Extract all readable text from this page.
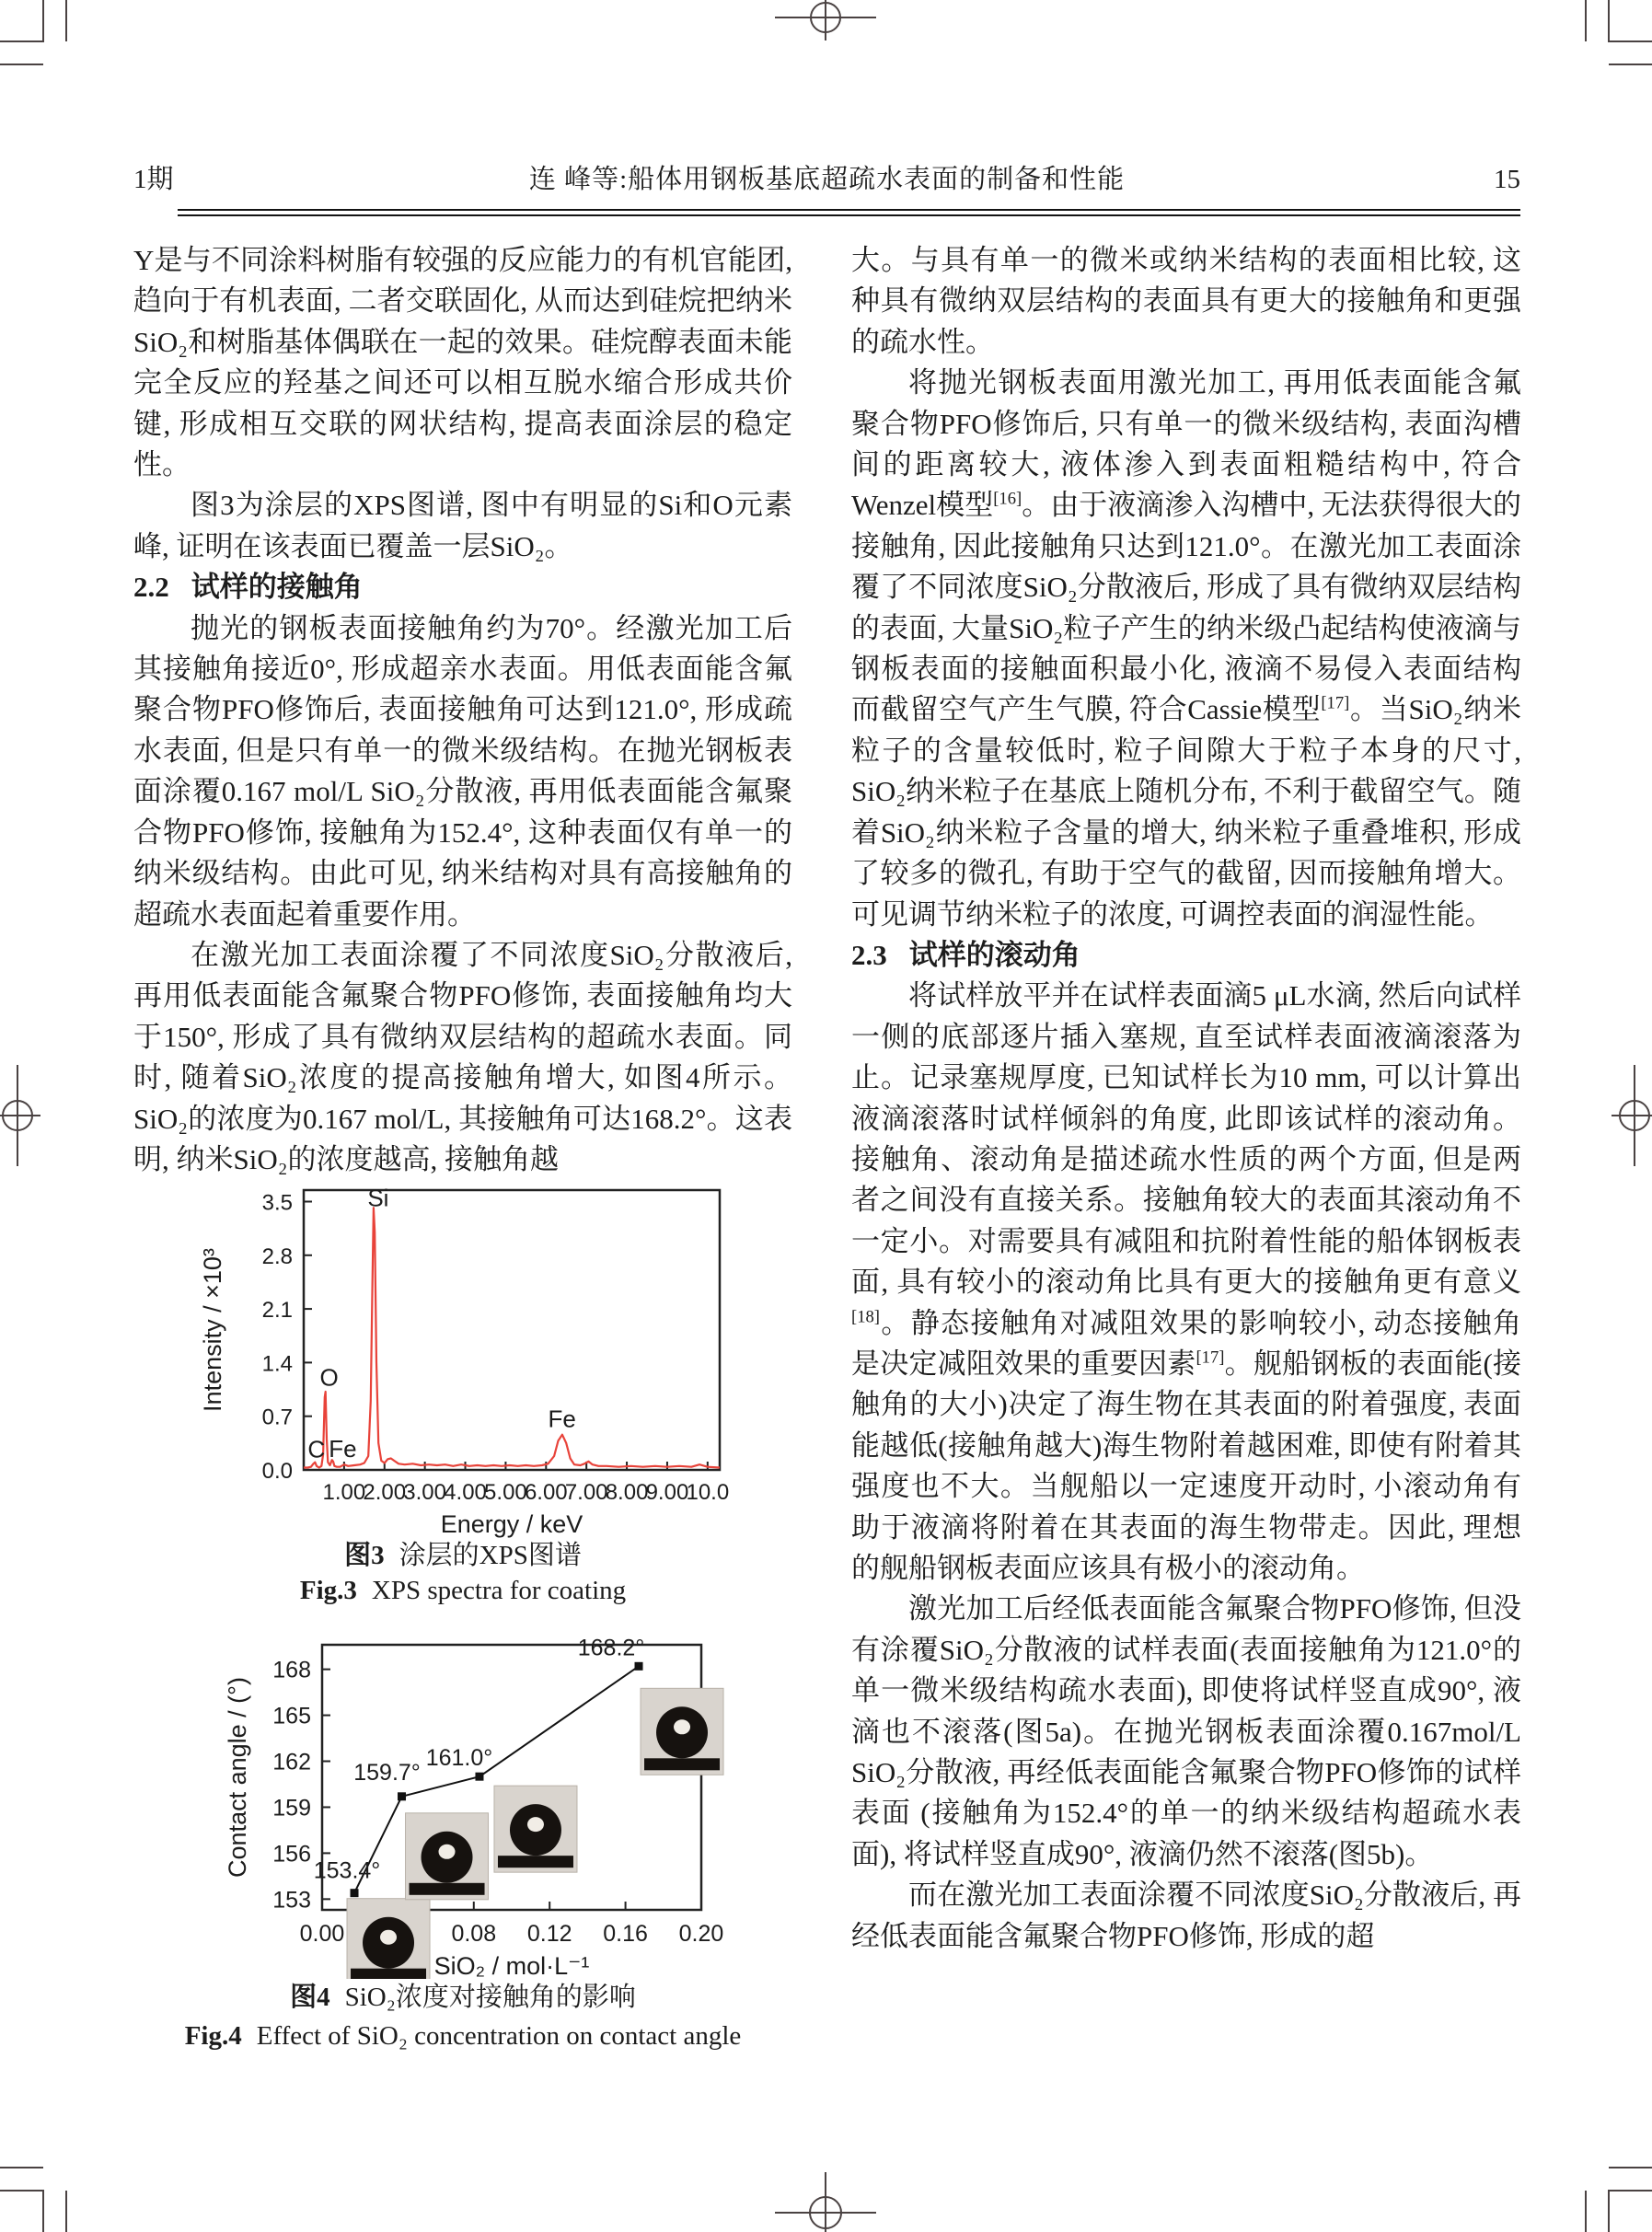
1期	连 峰等:船体用钢板基底超疏水表面的制备和性能	15

Y是与不同涂料树脂有较强的反应能力的有机官能团, 趋向于有机表面, 二者交联固化, 从而达到硅烷把纳米SiO₂和树脂基体偶联在一起的效果。硅烷醇表面未能完全反应的羟基之间还可以相互脱水缩合形成共价键, 形成相互交联的网状结构, 提高表面涂层的稳定性。

图3为涂层的XPS图谱, 图中有明显的Si和O元素峰, 证明在该表面已覆盖一层SiO₂。

2.2 试样的接触角

抛光的钢板表面接触角约为70°。经激光加工后其接触角接近0°, 形成超亲水表面。用低表面能含氟聚合物PFO修饰后, 表面接触角可达到121.0°, 形成疏水表面, 但是只有单一的微米级结构。在抛光钢板表面涂覆0.167 mol/L SiO₂分散液, 再用低表面能含氟聚合物PFO修饰, 接触角为152.4°, 这种表面仅有单一的纳米级结构。由此可见, 纳米结构对具有高接触角的超疏水表面起着重要作用。

在激光加工表面涂覆了不同浓度SiO₂分散液后, 再用低表面能含氟聚合物PFO修饰, 表面接触角均大于150°, 形成了具有微纳双层结构的超疏水表面。同时, 随着SiO₂浓度的提高接触角增大, 如图4所示。SiO₂的浓度为0.167 mol/L, 其接触角可达168.2°。这表明, 纳米SiO₂的浓度越高, 接触角越

大。与具有单一的微米或纳米结构的表面相比较, 这种具有微纳双层结构的表面具有更大的接触角和更强的疏水性。

将抛光钢板表面用激光加工, 再用低表面能含氟聚合物PFO修饰后, 只有单一的微米级结构, 表面沟槽间的距离较大, 液体渗入到表面粗糙结构中, 符合Wenzel模型[16]。由于液滴渗入沟槽中, 无法获得很大的接触角, 因此接触角只达到121.0°。在激光加工表面涂覆了不同浓度SiO₂分散液后, 形成了具有微纳双层结构的表面, 大量SiO₂粒子产生的纳米级凸起结构使液滴与钢板表面的接触面积最小化, 液滴不易侵入表面结构而截留空气产生气膜, 符合Cassie模型[17]。当SiO₂纳米粒子的含量较低时, 粒子间隙大于粒子本身的尺寸, SiO₂纳米粒子在基底上随机分布, 不利于截留空气。随着SiO₂纳米粒子含量的增大, 纳米粒子重叠堆积, 形成了较多的微孔, 有助于空气的截留, 因而接触角增大。可见调节纳米粒子的浓度, 可调控表面的润湿性能。

2.3 试样的滚动角

将试样放平并在试样表面滴5 μL水滴, 然后向试样一侧的底部逐片插入塞规, 直至试样表面液滴滚落为止。记录塞规厚度, 已知试样长为10 mm, 可以计算出液滴滚落时试样倾斜的角度, 此即该试样的滚动角。接触角、滚动角是描述疏水性质的两个方面, 但是两者之间没有直接关系。接触角较大的表面其滚动角不一定小。对需要具有减阻和抗附着性能的船体钢板表面, 具有较小的滚动角比具有更大的接触角更有意义[18]。静态接触角对减阻效果的影响较小, 动态接触角是决定减阻效果的重要因素[17]。舰船钢板的表面能(接触角的大小)决定了海生物在其表面的附着强度, 表面能越低(接触角越大)海生物附着越困难, 即使有附着其强度也不大。当舰船以一定速度开动时, 小滚动角有助于液滴将附着在其表面的海生物带走。因此, 理想的舰船钢板表面应该具有极小的滚动角。

激光加工后经低表面能含氟聚合物PFO修饰, 但没有涂覆SiO₂分散液的试样表面(表面接触角为121.0°的单一微米级结构疏水表面), 即使将试样竖直成90°, 液滴也不滚落(图5a)。在抛光钢板表面涂覆0.167mol/L SiO₂分散液, 再经低表面能含氟聚合物PFO修饰的试样表面 (接触角为152.4°的单一的纳米级结构超疏水表面), 将试样竖直成90°, 液滴仍然不滚落(图5b)。

而在激光加工表面涂覆不同浓度SiO₂分散液后, 再经低表面能含氟聚合物PFO修饰, 形成的超

1.00
2.00
3.00
4.00
5.00
6.00
7.00
8.00
9.00
10.0
0.0
0.7
1.4
2.1
2.8
3.5
Energy / keV
Intensity / ×10³
C
O
Fe
Si
Fe
图3 涂层的XPS图谱
Fig.3 XPS spectra for coating
0.00	0.08 0.12 0.16 0.20
153
156
159
162
165
168
SiO₂ / mol·L⁻¹
Contact angle / (°)	153.4°
159.7°
161.0°
168.2°
图4 SiO₂浓度对接触角的影响
Fig.4 Effect of SiO₂ concentration on contact angle
